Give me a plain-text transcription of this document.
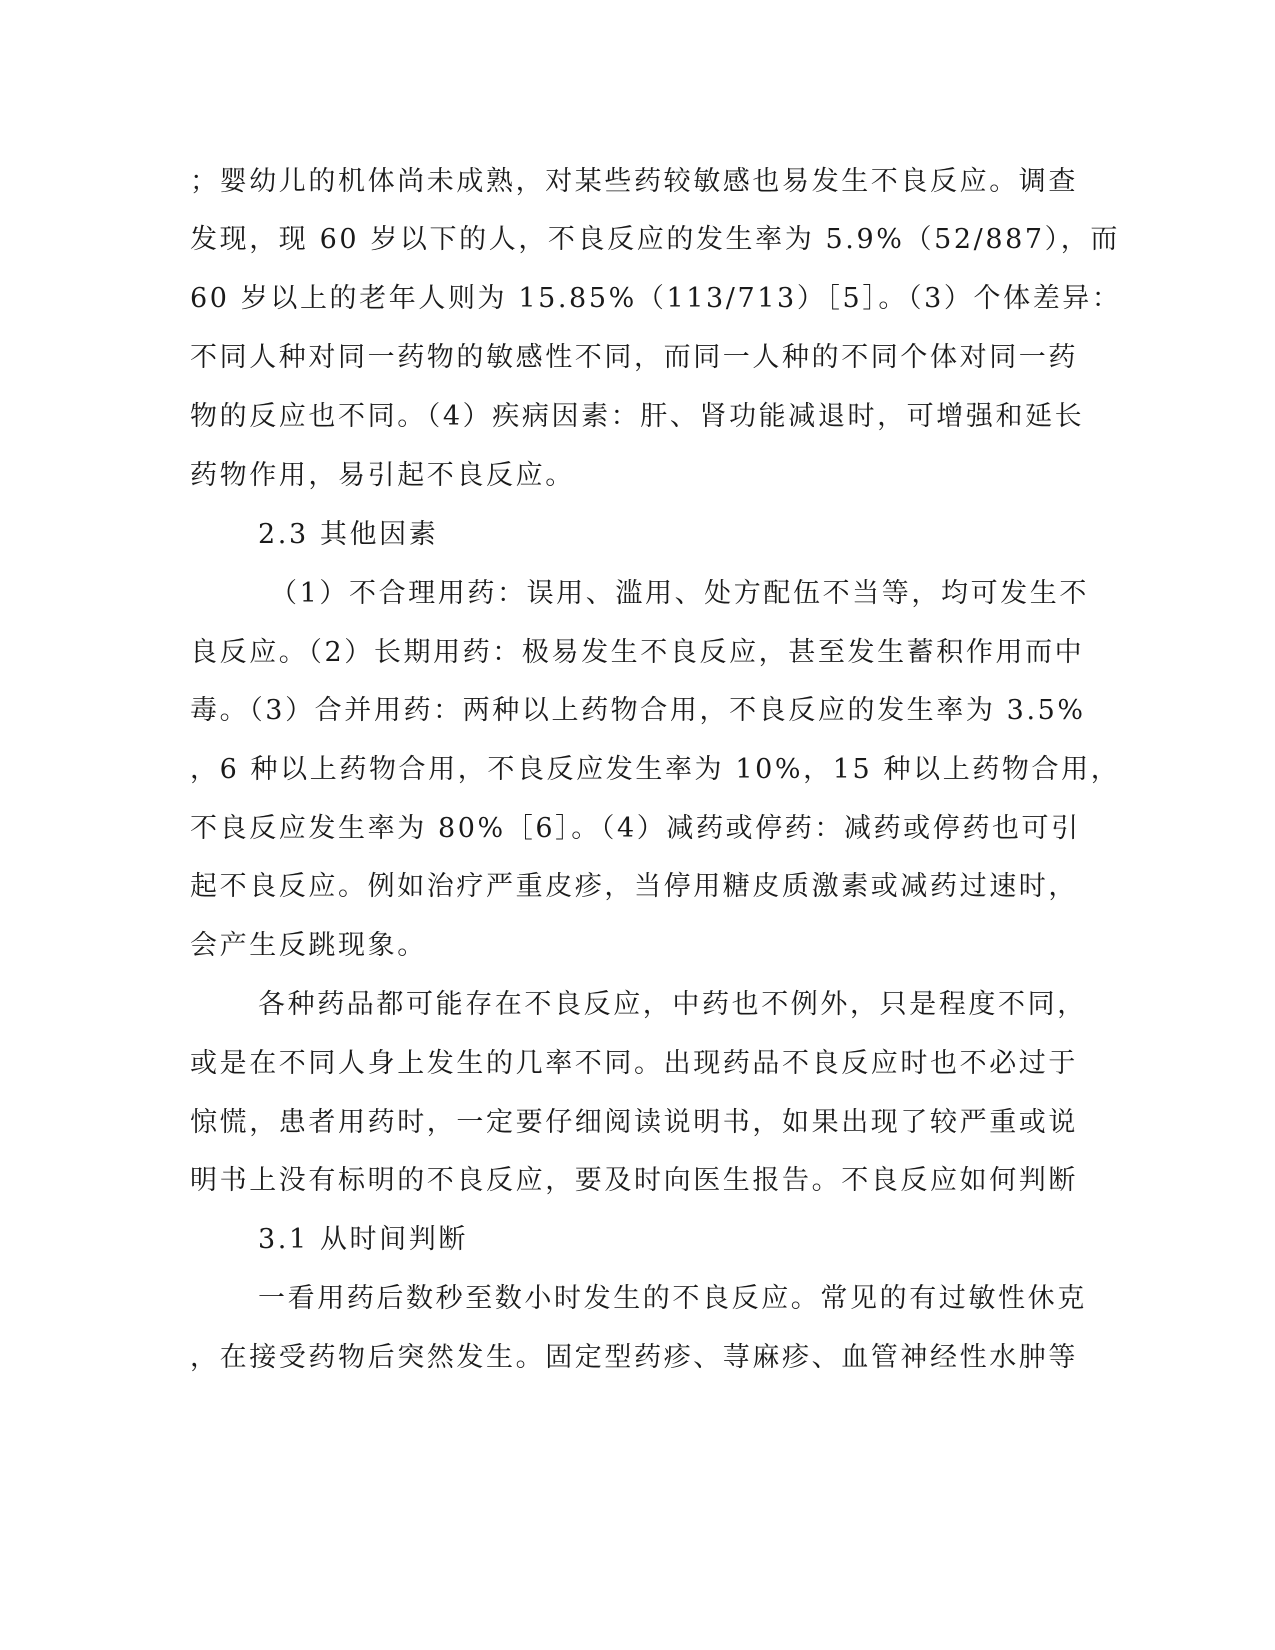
；婴幼儿的机体尚未成熟，对某些药较敏感也易发生不良反应。调查
发现，现 60 岁以下的人，不良反应的发生率为 5.9%（52/887），而
60 岁以上的老年人则为 15.85%（113/713）［5］。（3）个体差异：
不同人种对同一药物的敏感性不同，而同一人种的不同个体对同一药
物的反应也不同。（4）疾病因素：肝、肾功能减退时，可增强和延长
药物作用，易引起不良反应。
2.3 其他因素
（1）不合理用药：误用、滥用、处方配伍不当等，均可发生不
良反应。（2）长期用药：极易发生不良反应，甚至发生蓄积作用而中
毒。（3）合并用药：两种以上药物合用，不良反应的发生率为 3.5%
，6 种以上药物合用，不良反应发生率为 10%，15 种以上药物合用，
不良反应发生率为 80%［6］。（4）减药或停药：减药或停药也可引
起不良反应。例如治疗严重皮疹，当停用糖皮质激素或减药过速时，
会产生反跳现象。
各种药品都可能存在不良反应，中药也不例外，只是程度不同，
或是在不同人身上发生的几率不同。出现药品不良反应时也不必过于
惊慌，患者用药时，一定要仔细阅读说明书，如果出现了较严重或说
明书上没有标明的不良反应，要及时向医生报告。不良反应如何判断
3.1 从时间判断
一看用药后数秒至数小时发生的不良反应。常见的有过敏性休克
，在接受药物后突然发生。固定型药疹、荨麻疹、血管神经性水肿等
